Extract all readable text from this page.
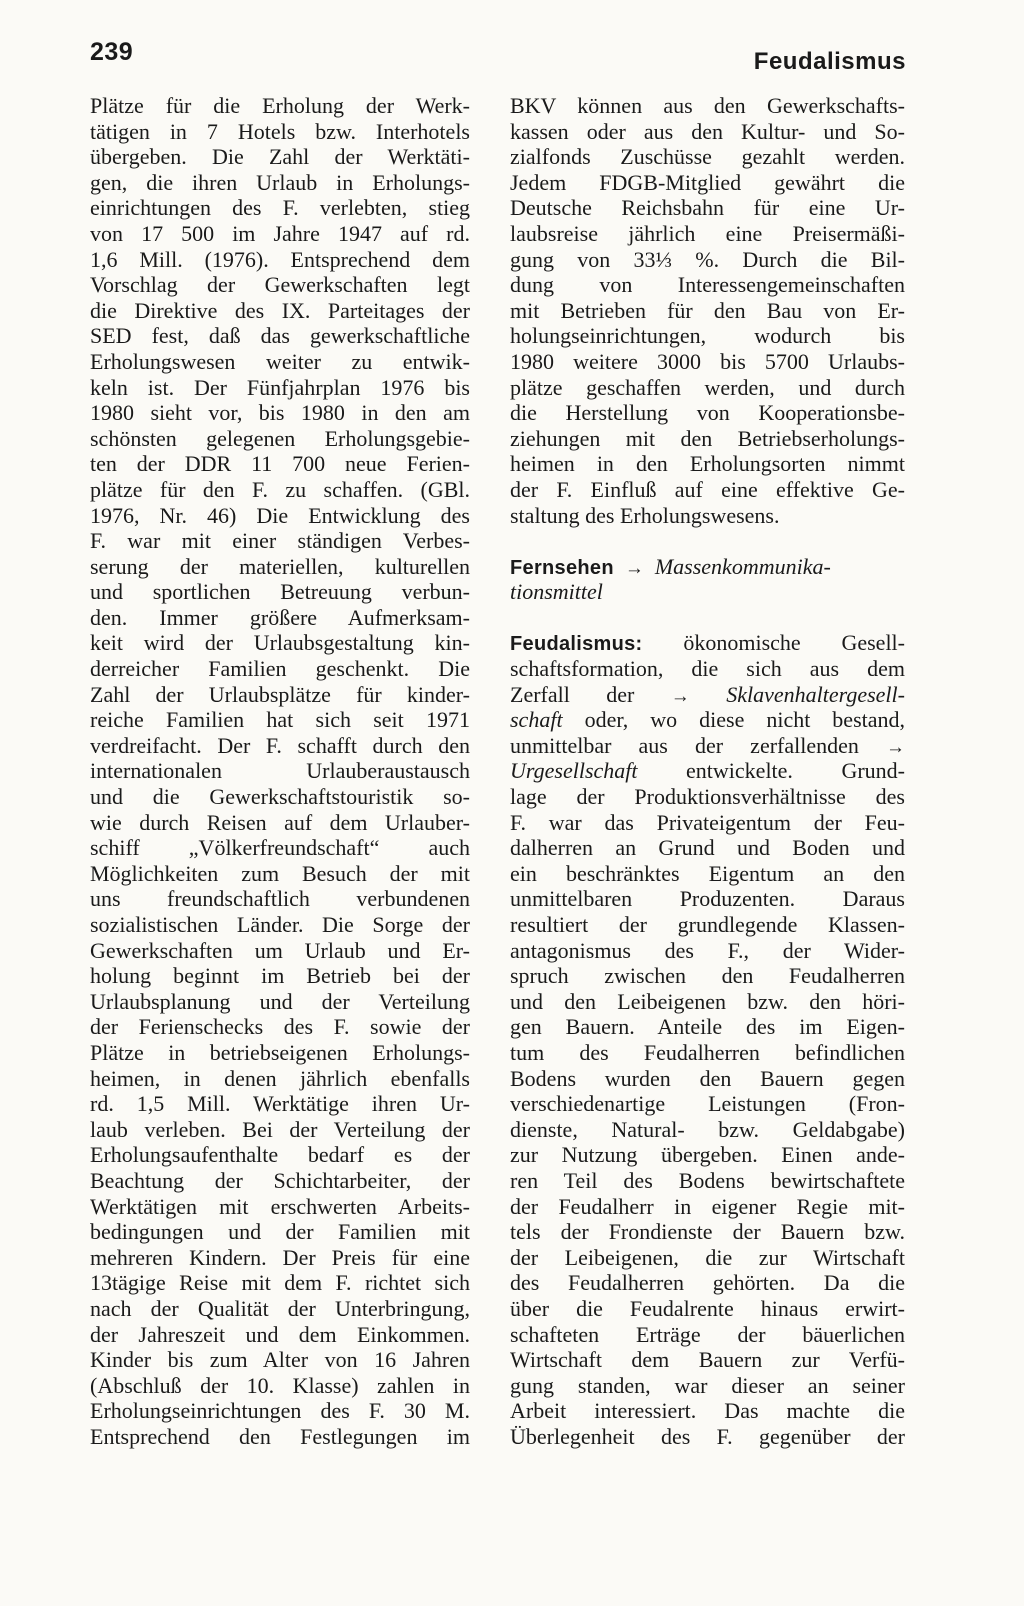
239	Feudalismus
Plätze für die Erholung der Werk-
tätigen in 7 Hotels bzw. Interhotels
übergeben. Die Zahl der Werktäti-
gen, die ihren Urlaub in Erholungs-
einrichtungen des F. verlebten, stieg
von 17 500 im Jahre 1947 auf rd.
1,6 Mill. (1976). Entsprechend dem
Vorschlag der Gewerkschaften legt
die Direktive des IX. Parteitages der
SED fest, daß das gewerkschaftliche
Erholungswesen weiter zu entwik-
keln ist. Der Fünfjahrplan 1976 bis
1980 sieht vor, bis 1980 in den am
schönsten gelegenen Erholungsgebie-
ten der DDR 11 700 neue Ferien-
plätze für den F. zu schaffen. (GBl.
1976, Nr. 46) Die Entwicklung des
F. war mit einer ständigen Verbes-
serung der materiellen, kulturellen
und sportlichen Betreuung verbun-
den. Immer größere Aufmerksam-
keit wird der Urlaubsgestaltung kin-
derreicher Familien geschenkt. Die
Zahl der Urlaubsplätze für kinder-
reiche Familien hat sich seit 1971
verdreifacht. Der F. schafft durch den
internationalen Urlauberaustausch
und die Gewerkschaftstouristik so-
wie durch Reisen auf dem Urlauber-
schiff „Völkerfreundschaft“ auch
Möglichkeiten zum Besuch der mit
uns freundschaftlich verbundenen
sozialistischen Länder. Die Sorge der
Gewerkschaften um Urlaub und Er-
holung beginnt im Betrieb bei der
Urlaubsplanung und der Verteilung
der Ferienschecks des F. sowie der
Plätze in betriebseigenen Erholungs-
heimen, in denen jährlich ebenfalls
rd. 1,5 Mill. Werktätige ihren Ur-
laub verleben. Bei der Verteilung der
Erholungsaufenthalte bedarf es der
Beachtung der Schichtarbeiter, der
Werktätigen mit erschwerten Arbeits-
bedingungen und der Familien mit
mehreren Kindern. Der Preis für eine
13tägige Reise mit dem F. richtet sich
nach der Qualität der Unterbringung,
der Jahreszeit und dem Einkommen.
Kinder bis zum Alter von 16 Jahren
(Abschluß der 10. Klasse) zahlen in
Erholungseinrichtungen des F. 30 M.
Entsprechend den Festlegungen im
BKV können aus den Gewerkschafts-
kassen oder aus den Kultur- und So-
zialfonds Zuschüsse gezahlt werden.
Jedem FDGB-Mitglied gewährt die
Deutsche Reichsbahn für eine Ur-
laubsreise jährlich eine Preisermäßi-
gung von 33⅓ %. Durch die Bil-
dung von Interessengemeinschaften
mit Betrieben für den Bau von Er-
holungseinrichtungen, wodurch bis
1980 weitere 3000 bis 5700 Urlaubs-
plätze geschaffen werden, und durch
die Herstellung von Kooperationsbe-
ziehungen mit den Betriebserholungs-
heimen in den Erholungsorten nimmt
der F. Einfluß auf eine effektive Ge-
staltung des Erholungswesens.
Fernsehen → Massenkommunika-
tionsmittel
Feudalismus: ökonomische Gesell-
schaftsformation, die sich aus dem
Zerfall der → Sklavenhaltergesell-
schaft oder, wo diese nicht bestand,
unmittelbar aus der zerfallenden →
Urgesellschaft entwickelte. Grund-
lage der Produktionsverhältnisse des
F. war das Privateigentum der Feu-
dalherren an Grund und Boden und
ein beschränktes Eigentum an den
unmittelbaren Produzenten. Daraus
resultiert der grundlegende Klassen-
antagonismus des F., der Wider-
spruch zwischen den Feudalherren
und den Leibeigenen bzw. den höri-
gen Bauern. Anteile des im Eigen-
tum des Feudalherren befindlichen
Bodens wurden den Bauern gegen
verschiedenartige Leistungen (Fron-
dienste, Natural- bzw. Geldabgabe)
zur Nutzung übergeben. Einen ande-
ren Teil des Bodens bewirtschaftete
der Feudalherr in eigener Regie mit-
tels der Frondienste der Bauern bzw.
der Leibeigenen, die zur Wirtschaft
des Feudalherren gehörten. Da die
über die Feudalrente hinaus erwirt-
schafteten Erträge der bäuerlichen
Wirtschaft dem Bauern zur Verfü-
gung standen, war dieser an seiner
Arbeit interessiert. Das machte die
Überlegenheit des F. gegenüber der
